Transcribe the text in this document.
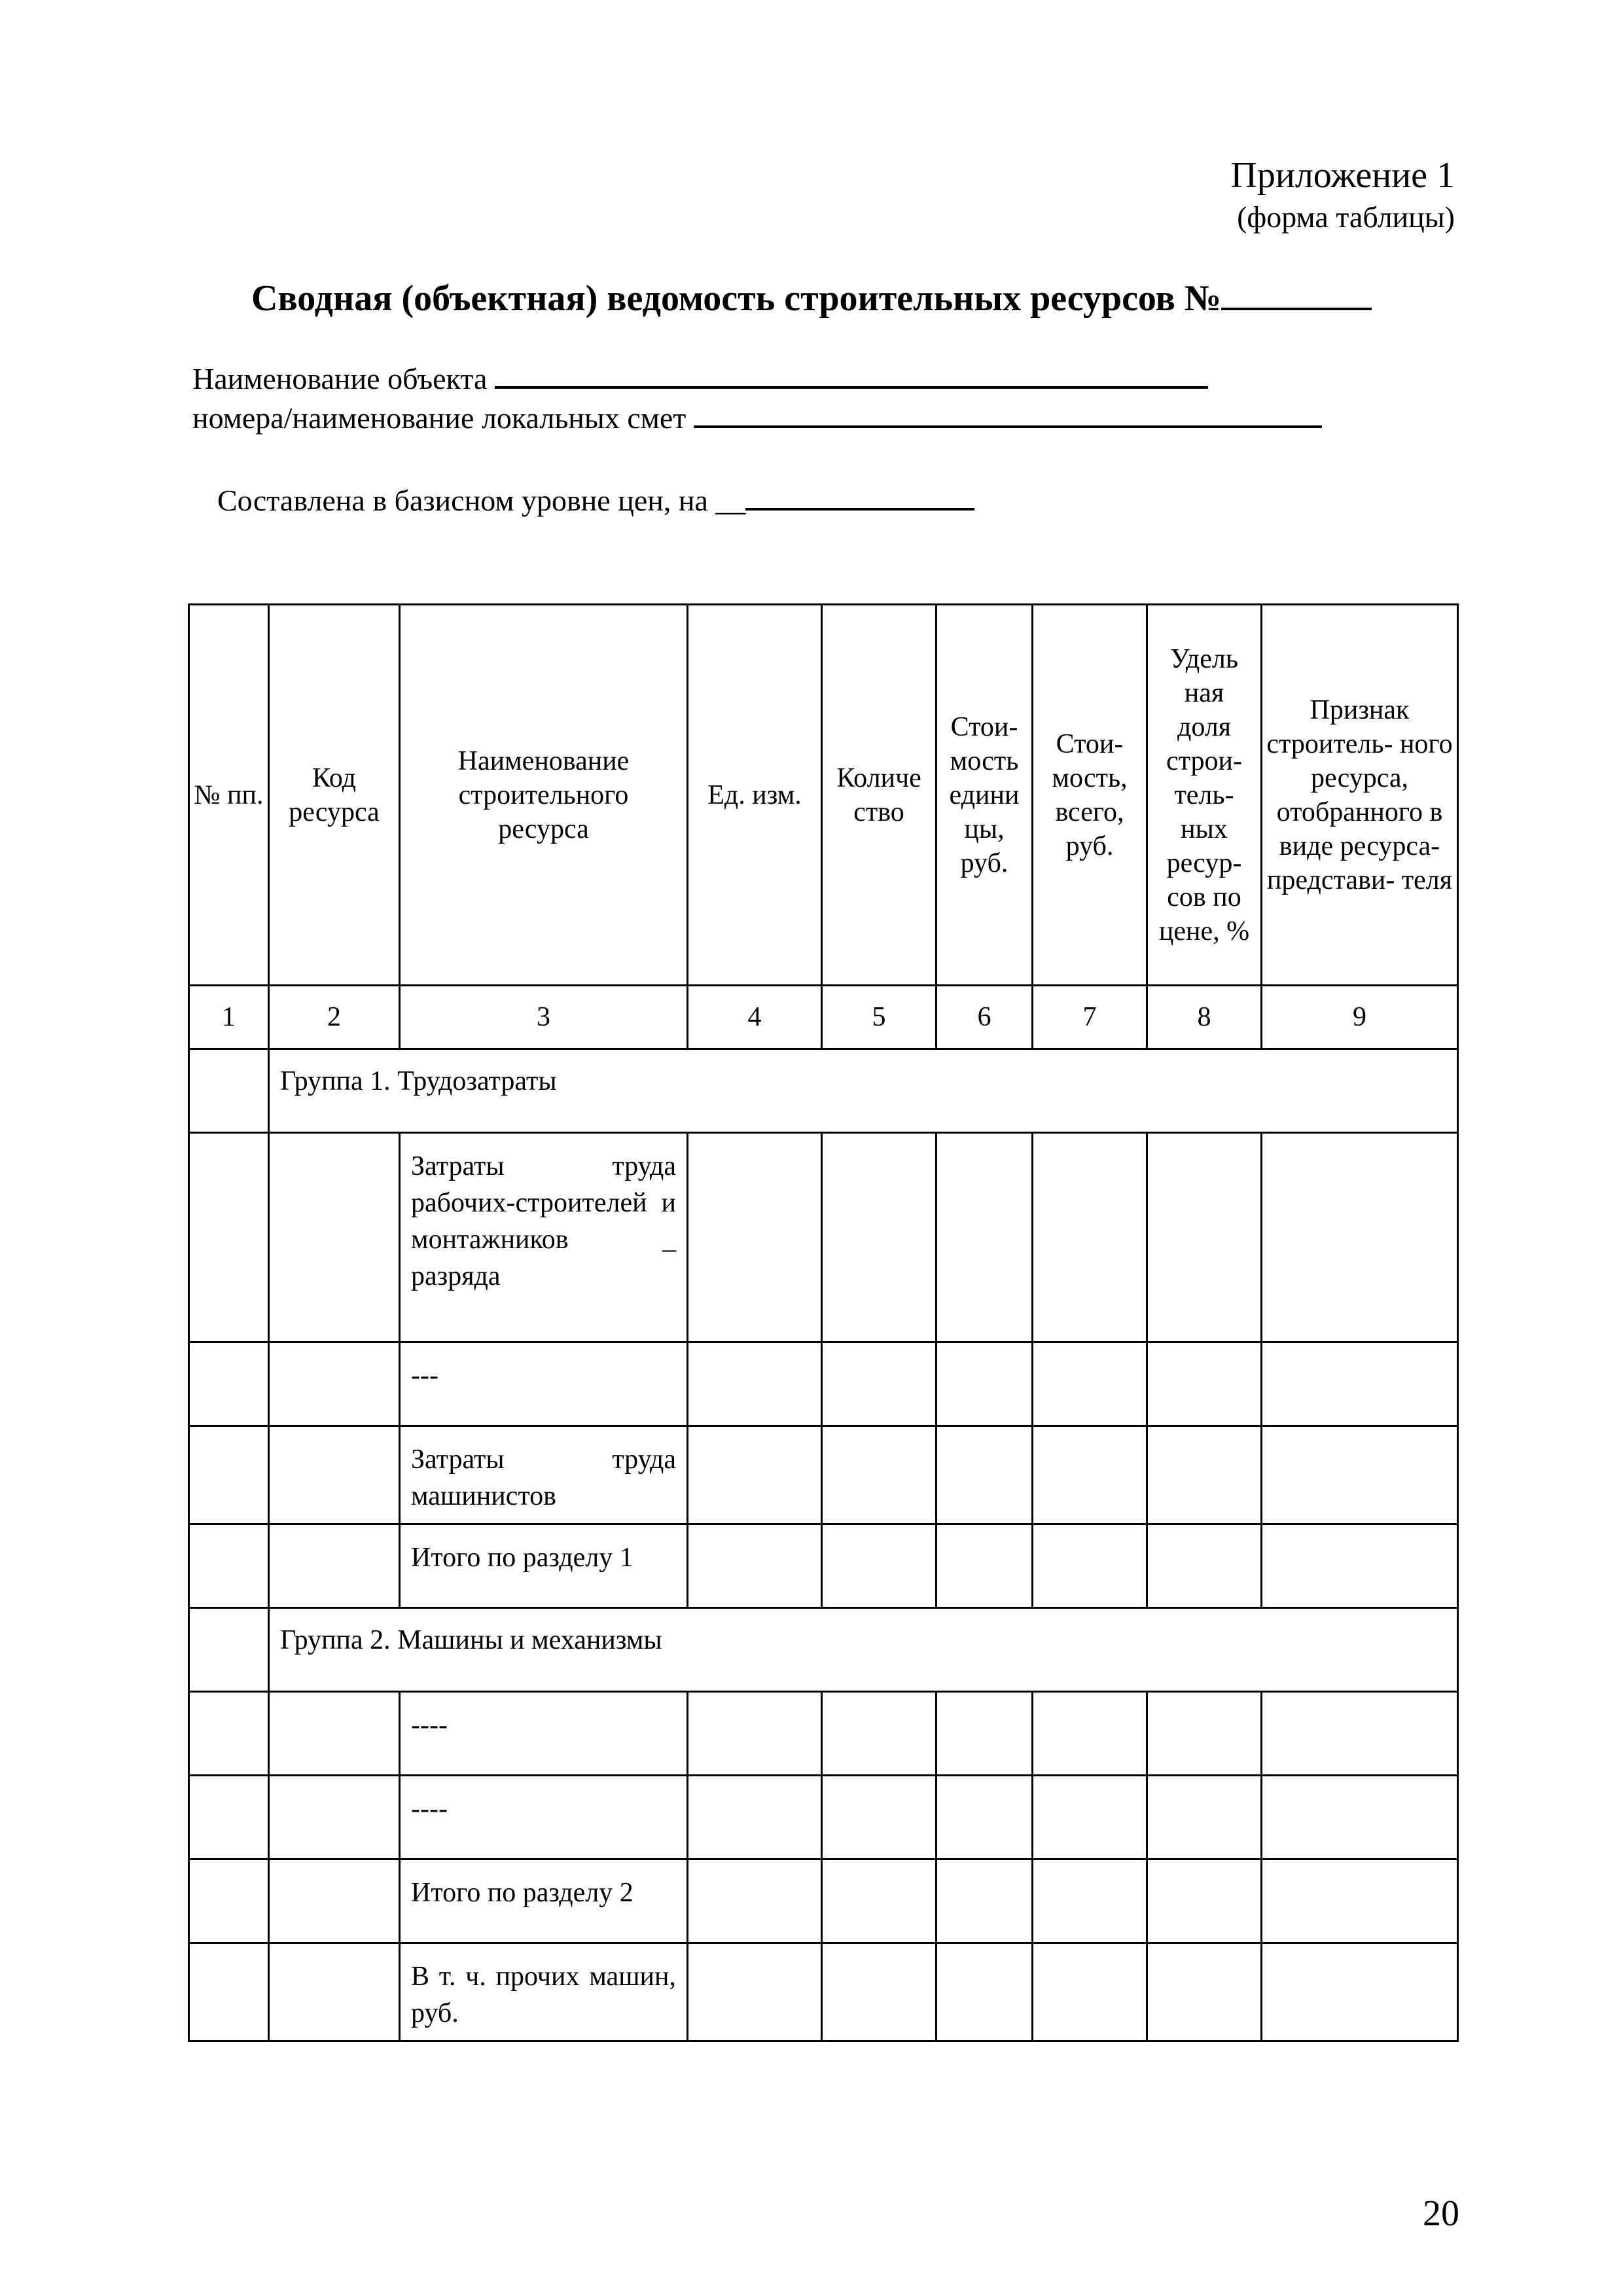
Приложение 1
(форма таблицы)
Сводная (объектная) ведомость строительных ресурсов №
Наименование объекта
номера/наименование локальных смет
Составлена в базисном уровне цен, на __
№ пп.	Код ресурса	Наименование строительного ресурса	Ед. изм.	Количе ство	Стои- мость едини цы, руб.	Стои- мость, всего, руб.	Удель ная доля строи- тель- ных ресур- сов по цене, %	Признак строитель- ного ресурса, отобранного в виде ресурса- представи- теля
1	2	3	4	5	6	7	8	9
	Группа 1. Трудозатраты							
		Затраты труда рабочих-строителей и монтажников _ разряда						
		---						
		Затраты труда машинистов						
		Итого по разделу 1						
	Группа 2. Машины и механизмы							
		----						
		----						
		Итого по разделу 2						
		В т. ч. прочих машин, руб.						
20
